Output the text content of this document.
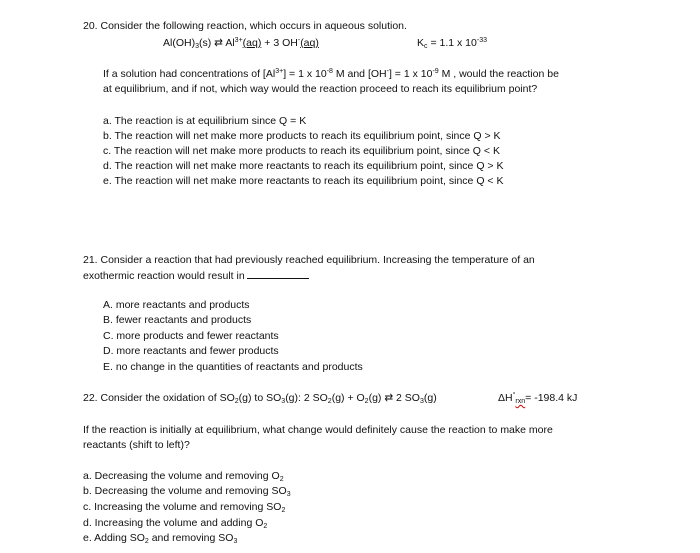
20. Consider the following reaction, which occurs in aqueous solution.
$Al(OH)_3(s)$ ⇄ $Al^{3+}(aq) + 3$ OH-(aq)	$K_c = 1.1$ x $10^{-33}$
If a solution had concentrations of $[Al^{3+}] = 1$ x $10^{-8}$ M and [OH-] = 1 x $10^{-9}$ M , would the reaction be
at equilibrium, and if not, which way would the reaction proceed to reach its equilibrium point?
a. The reaction is at equilibrium since Q = K
b. The reaction will net make more products to reach its equilibrium point, since Q > K
c. The reaction will net make more products to reach its equilibrium point, since Q < K
d. The reaction will net make more reactants to reach its equilibrium point, since Q > K
e. The reaction will net make more reactants to reach its equilibrium point, since Q < K
21. Consider a reaction that had previously reached equilibrium. Increasing the temperature of an
exothermic reaction would result in
A. more reactants and products
B. fewer reactants and products
C. more products and fewer reactants
D. more reactants and fewer products
E. no change in the quantities of reactants and products
22. Consider the oxidation of $SO_2(g)$ to $SO_3(g)$: 2 $SO_2(g) + O_2(g)$ ⇄ 2 $SO_3(g)$	$\Delta H^\circ_{rxn}= -198.4$ kJ
If the reaction is initially at equilibrium, what change would definitely cause the reaction to make more
reactants (shift to left)?
a. Decreasing the volume and removing $O_2$
b. Decreasing the volume and removing $SO_3$
c. Increasing the volume and removing $SO_2$
d. Increasing the volume and adding $O_2$
e. Adding $SO_2$ and removing $SO_3$
